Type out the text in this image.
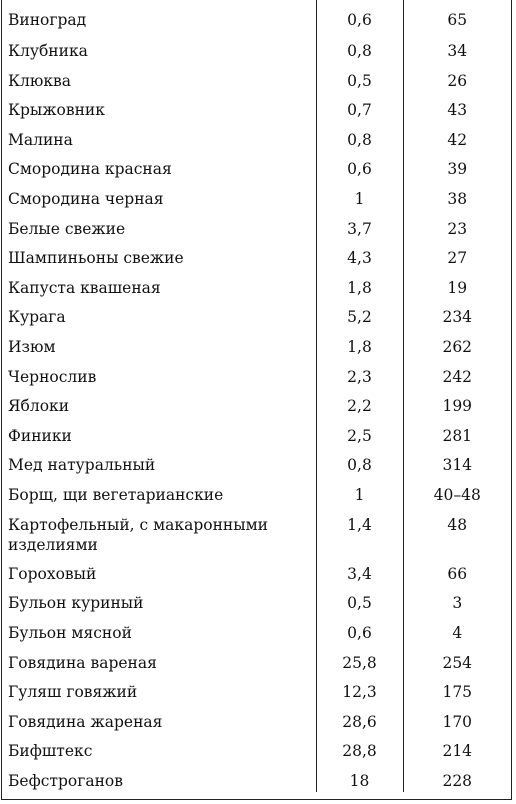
Виноград	0,6	65
Клубника	0,8	34
Клюква	0,5	26
Крыжовник	0,7	43
Малина	0,8	42
Смородина красная	0,6	39
Смородина черная	1	38
Белые свежие	3,7	23
Шампиньоны свежие	4,3	27
Капуста квашеная	1,8	19
Курага	5,2	234
Изюм	1,8	262
Чернослив	2,3	242
Яблоки	2,2	199
Финики	2,5	281
Мед натуральный	0,8	314
Борщ, щи вегетарианские	1	40–48
Картофельный, с макаронными изделиями	1,4	48
Гороховый	3,4	66
Бульон куриный	0,5	3
Бульон мясной	0,6	4
Говядина вареная	25,8	254
Гуляш говяжий	12,3	175
Говядина жареная	28,6	170
Бифштекс	28,8	214
Бефстроганов	18	228
